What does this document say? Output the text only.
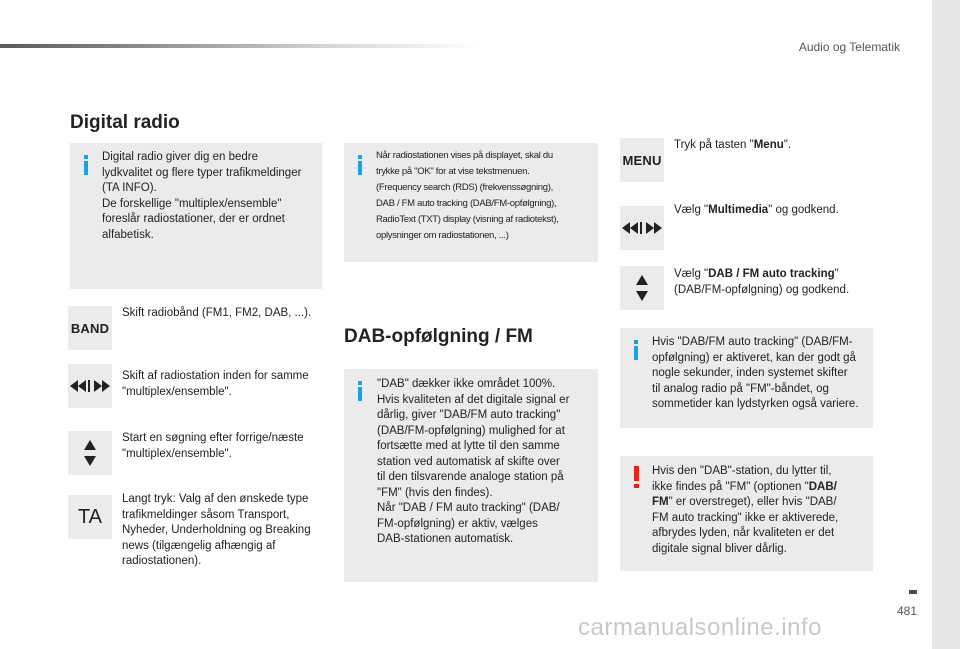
Audio og Telematik
Digital radio
Digital radio giver dig en bedre
lydkvalitet og flere typer trafikmeldinger
(TA INFO).
De forskellige "multiplex/ensemble"
foreslår radiostationer, der er ordnet
alfabetisk.
BAND
Skift radiobånd (FM1, FM2, DAB, ...).
Skift af radiostation inden for samme
"multiplex/ensemble".
Start en søgning efter forrige/næste
"multiplex/ensemble".
TA
Langt tryk: Valg af den ønskede type
trafikmeldinger såsom Transport,
Nyheder, Underholdning og Breaking
news (tilgængelig afhængig af
radiostationen).
Når radiostationen vises på displayet, skal du
trykke på "OK" for at vise tekstmenuen.
(Frequency search (RDS) (frekvenssøgning),
DAB / FM auto tracking (DAB/FM-opfølgning),
RadioText (TXT) display (visning af radiotekst),
oplysninger om radiostationen, ...)
DAB-opfølgning / FM
"DAB" dækker ikke området 100%.
Hvis kvaliteten af det digitale signal er
dårlig, giver "DAB/FM auto tracking"
(DAB/FM-opfølgning) mulighed for at
fortsætte med at lytte til den samme
station ved automatisk af skifte over
til den tilsvarende analoge station på
"FM" (hvis den findes).
Når "DAB / FM auto tracking" (DAB/
FM-opfølgning) er aktiv, vælges
DAB-stationen automatisk.
MENU
Tryk på tasten "Menu".
Vælg "Multimedia" og godkend.
Vælg "DAB / FM auto tracking"
(DAB/FM-opfølgning) og godkend.
Hvis "DAB/FM auto tracking" (DAB/FM-
opfølgning) er aktiveret, kan der godt gå
nogle sekunder, inden systemet skifter
til analog radio på "FM"-båndet, og
sommetider kan lydstyrken også variere.
Hvis den "DAB"-station, du lytter til,
ikke findes på "FM" (optionen "DAB/
FM" er overstreget), eller hvis "DAB/
FM auto tracking" ikke er aktiverede,
afbrydes lyden, når kvaliteten er det
digitale signal bliver dårlig.
481
carmanualsonline.info
